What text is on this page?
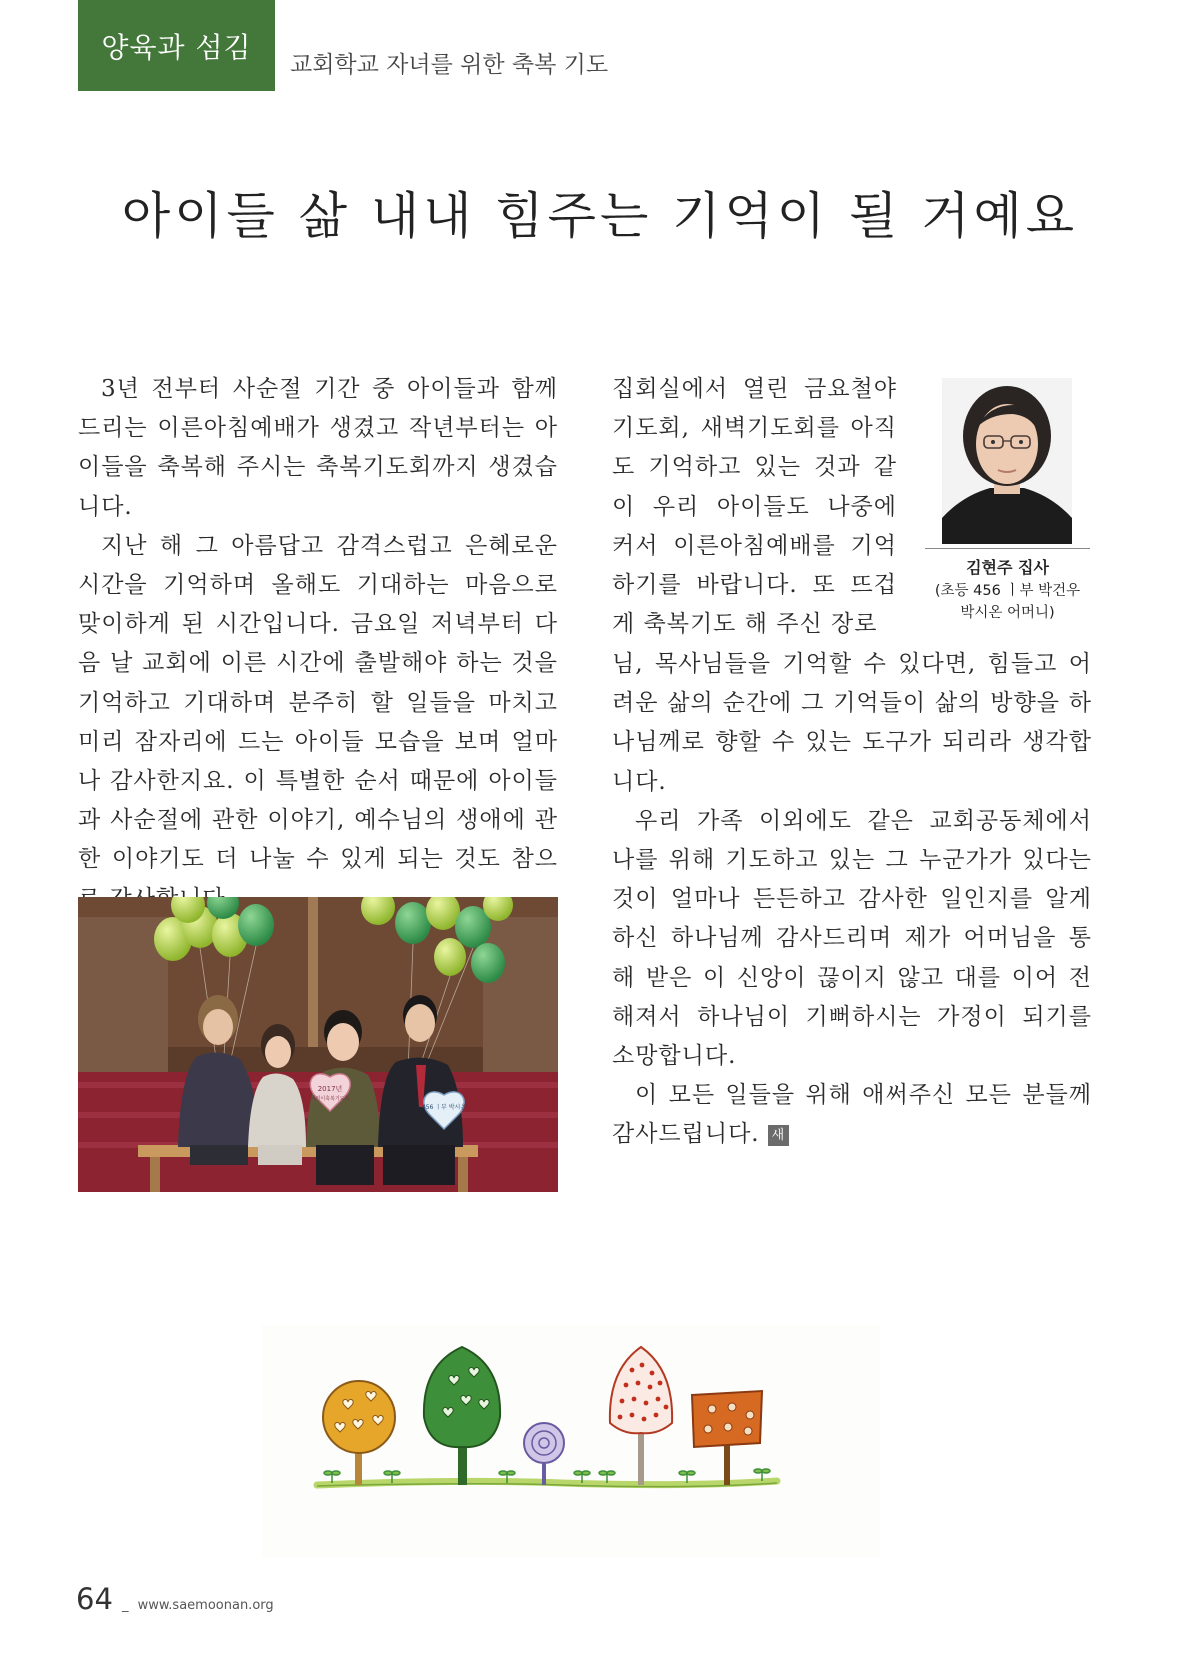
양육과 섬김
교회학교 자녀를 위한 축복 기도
아이들 삶 내내 힘주는 기억이 될 거예요

3년 전부터 사순절 기간 중 아이들과 함께 드리는 이른아침예배가 생겼고 작년부터는 아이들을 축복해 주시는 축복기도회까지 생겼습니다.

지난 해 그 아름답고 감격스럽고 은혜로운 시간을 기억하며 올해도 기대하는 마음으로 맞이하게 된 시간입니다. 금요일 저녁부터 다음 날 교회에 이른 시간에 출발해야 하는 것을 기억하고 기대하며 분주히 할 일들을 마치고 미리 잠자리에 드는 아이들 모습을 보며 얼마나 감사한지요. 이 특별한 순서 때문에 아이들과 사순절에 관한 이야기, 예수님의 생애에 관한 이야기도 더 나눌 수 있게 되는 것도 참으

집회실에서 열린 금요철야 기도회, 새벽기도회를 아직도 기억하고 있는 것과 같이 우리 아이들도 나중에 커서 이른아침예배를 기억하기를 바랍니다. 또 뜨겁게 축복기도 해 주신 장로

님, 목사님들을 기억할 수 있다면, 힘들고 어려운 삶의 순간에 그 기억들이 삶의 방향을 하나님께로 향할 수 있는 도구가 되리라 생각합니다.

우리 가족 이외에도 같은 교회공동체에서 나를 위해 기도하고 있는 그 누군가가 있다는 것이 얼마나 든든하고 감사한 일인지를 알게 하신 하나님께 감사드리며 제가 어머님을 통해 받은 이 신앙이 끊이지 않고 대를 이어 전해져서 하나님이 기뻐하시는 가정이 되기를 소망합니다.

이 모든 일들을 위해 애써주신 모든 분들께 감사드립니다. 새

김현주 집사
(초등 456 ㅣ부 박건우
박시온 어머니)
2017년
어린이축복기도회
456 ㅣ부 박시온
64 _ www.saemoonan.org
